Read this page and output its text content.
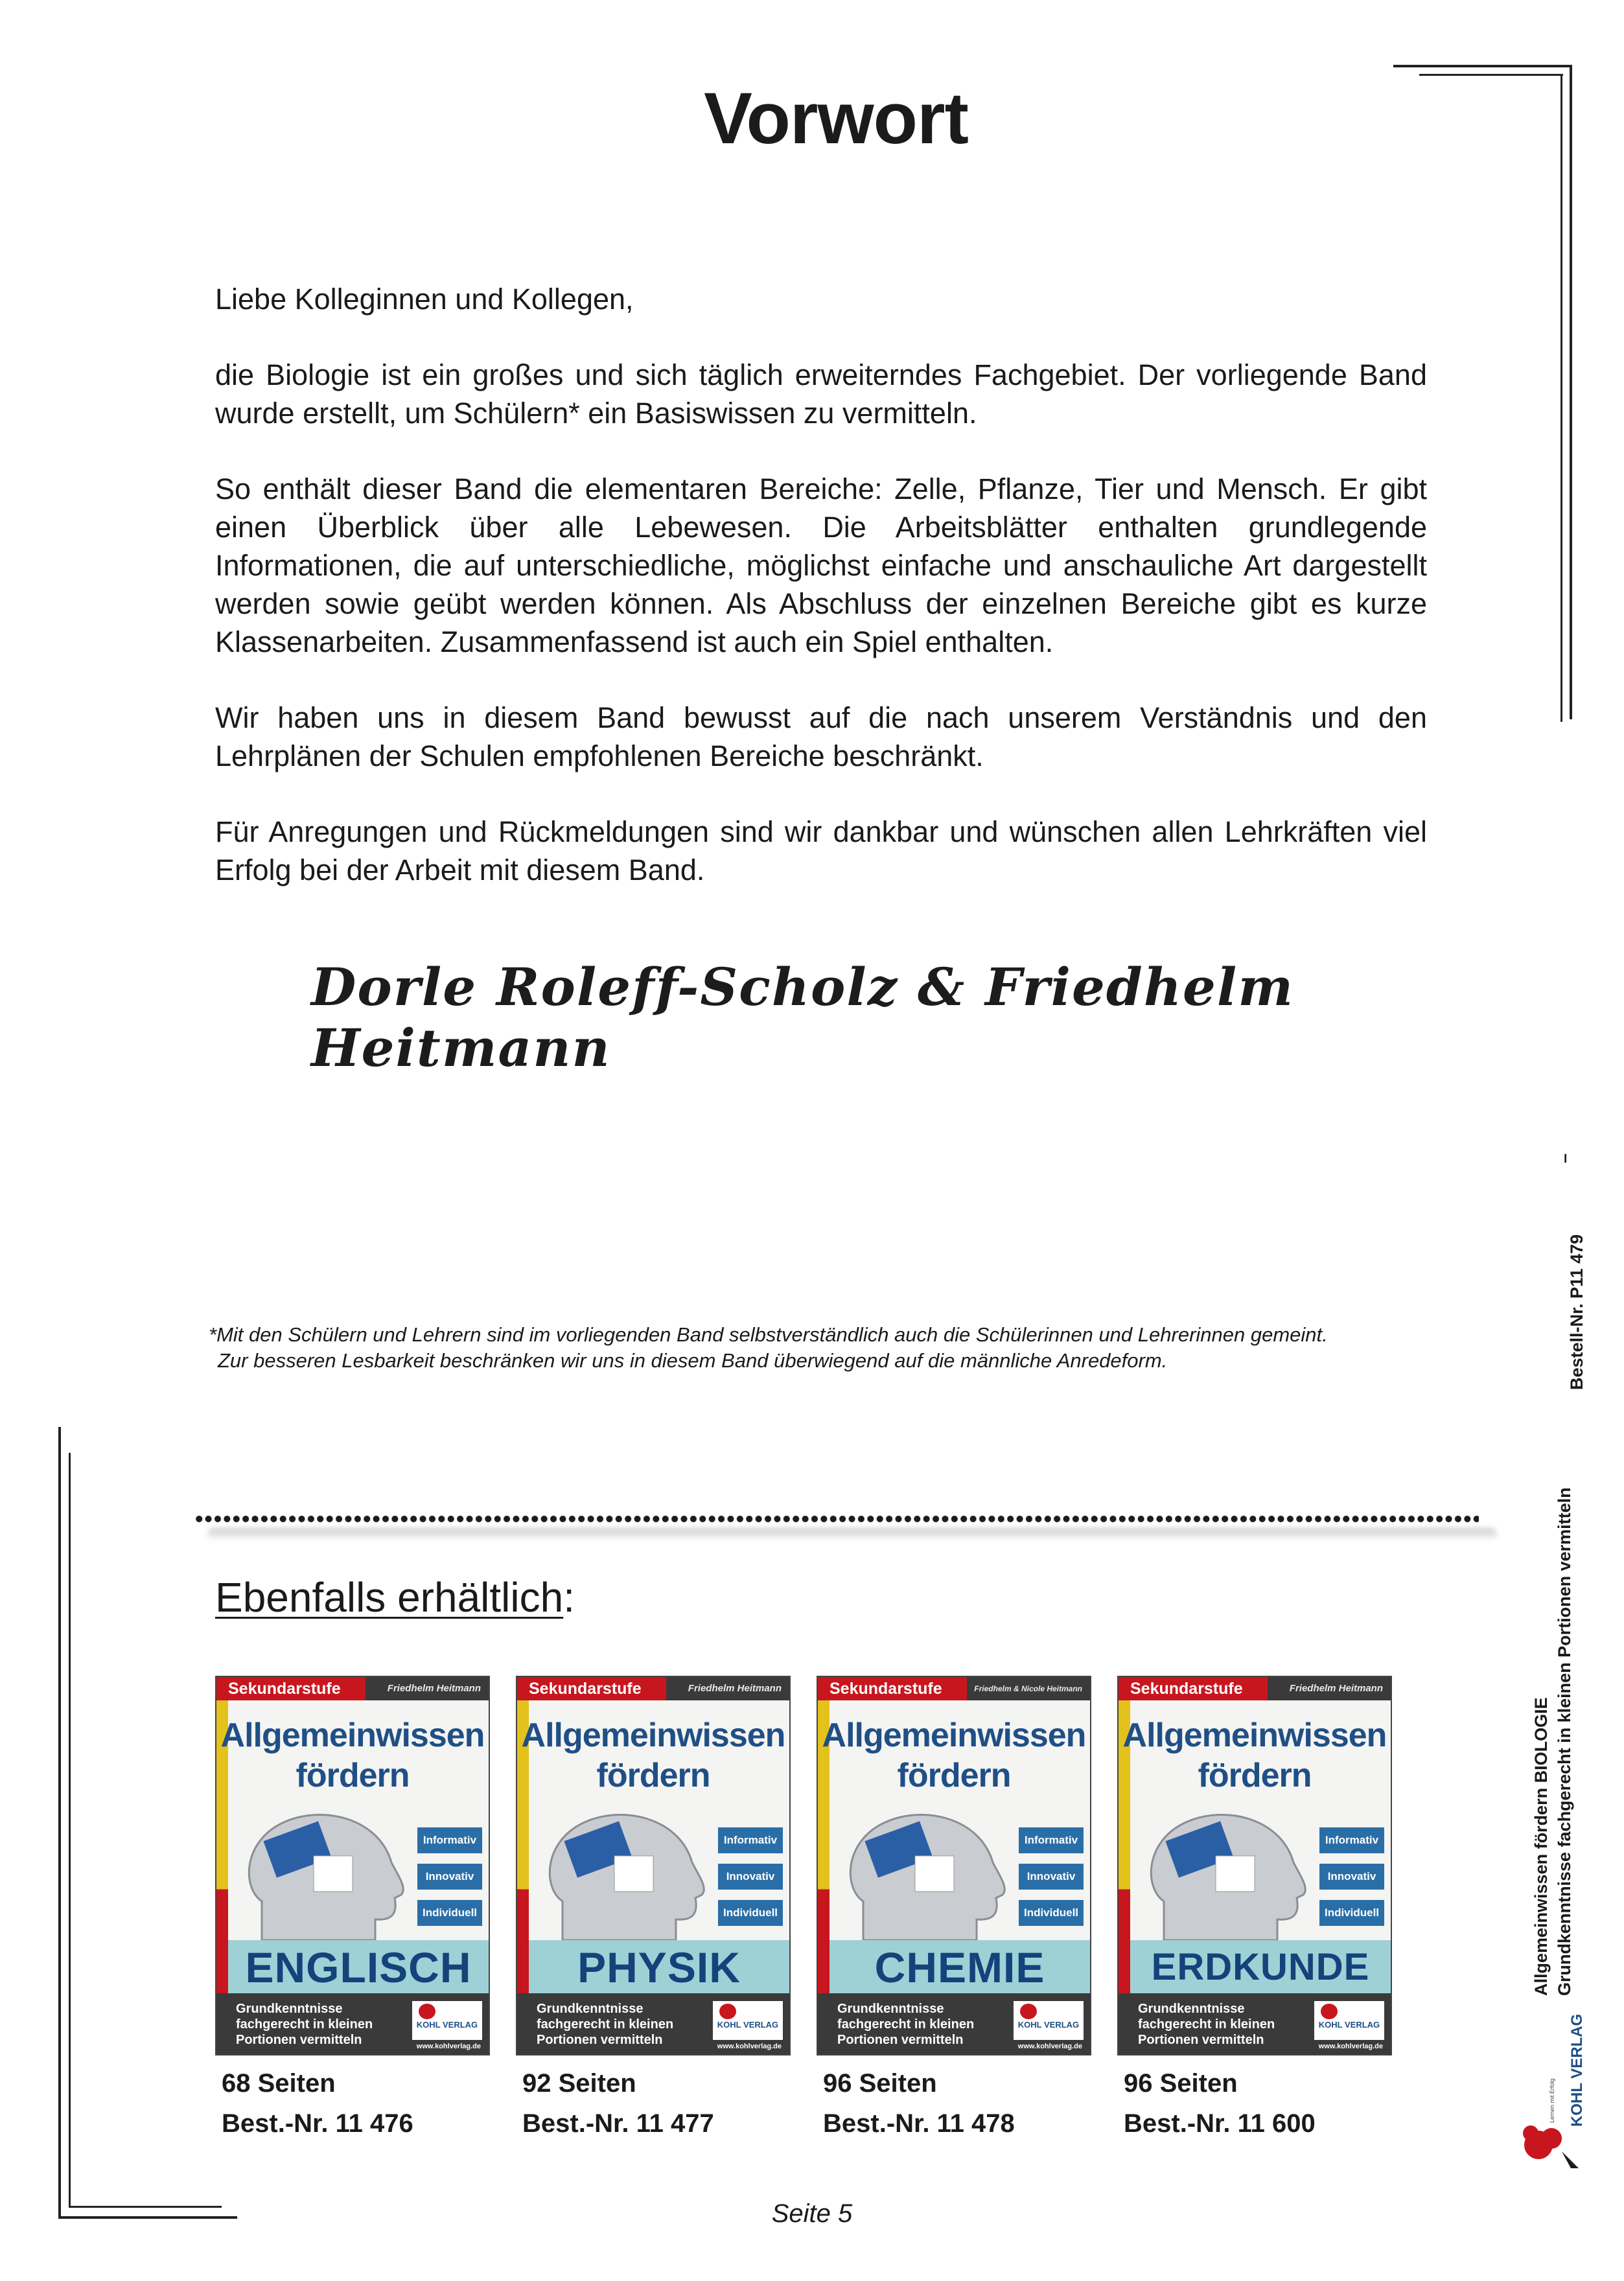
Vorwort

Liebe Kolleginnen und Kollegen,

die Biologie ist ein großes und sich täglich erweiterndes Fachgebiet. Der vorliegende Band wurde erstellt, um Schülern* ein Basiswissen zu vermitteln.

So enthält dieser Band die elementaren Bereiche: Zelle, Pflanze, Tier und Mensch. Er gibt einen Überblick über alle Lebewesen. Die Arbeitsblätter enthalten grundlegende Informationen, die auf unterschiedliche, möglichst einfache und anschauliche Art dargestellt werden sowie geübt werden können. Als Abschluss der einzelnen Bereiche gibt es kurze Klassenarbeiten. Zusammenfassend ist auch ein Spiel enthalten.

Wir haben uns in diesem Band bewusst auf die nach unserem Verständnis und den Lehrplänen der Schulen empfohlenen Bereiche beschränkt.

Für Anregungen und Rückmeldungen sind wir dankbar und wünschen allen Lehrkräften viel Erfolg bei der Arbeit mit diesem Band.

Dorle Roleff-Scholz & Friedhelm Heitmann
*Mit den Schülern und Lehrern sind im vorliegenden Band selbstverständlich auch die Schülerinnen und Lehrerinnen gemeint.
Zur besseren Lesbarkeit beschränken wir uns in diesem Band überwiegend auf die männliche Anredeform.
Ebenfalls erhältlich:
Sekundarstufe	Friedhelm Heitmann
Allgemeinwissen
fördern
Informativ
Innovativ
Individuell
ENGLISCH
Grundkenntnisse
fachgerecht in kleinen
Portionen vermitteln
KOHL VERLAG
www.kohlverlag.de
Sekundarstufe	Friedhelm Heitmann
Allgemeinwissen
fördern
Informativ
Innovativ
Individuell
PHYSIK
Grundkenntnisse
fachgerecht in kleinen
Portionen vermitteln
KOHL VERLAG
www.kohlverlag.de
Sekundarstufe	Friedhelm & Nicole Heitmann
Allgemeinwissen
fördern
Informativ
Innovativ
Individuell
CHEMIE
Grundkenntnisse
fachgerecht in kleinen
Portionen vermitteln
KOHL VERLAG
www.kohlverlag.de
Sekundarstufe	Friedhelm Heitmann
Allgemeinwissen
fördern
Informativ
Innovativ
Individuell
ERDKUNDE
Grundkenntnisse
fachgerecht in kleinen
Portionen vermitteln
KOHL VERLAG
www.kohlverlag.de
68 Seiten
Best.-Nr. 11 476
92 Seiten
Best.-Nr. 11 477
96 Seiten
Best.-Nr. 11 478
96 Seiten
Best.-Nr. 11 600
Seite 5
Allgemeinwissen fördern BIOLOGIE Grundkenntnisse fachgerecht in kleinen Portionen vermitteln
–
Bestell-Nr. P11 479
KOHL VERLAG
Lernen mit Erfolg
